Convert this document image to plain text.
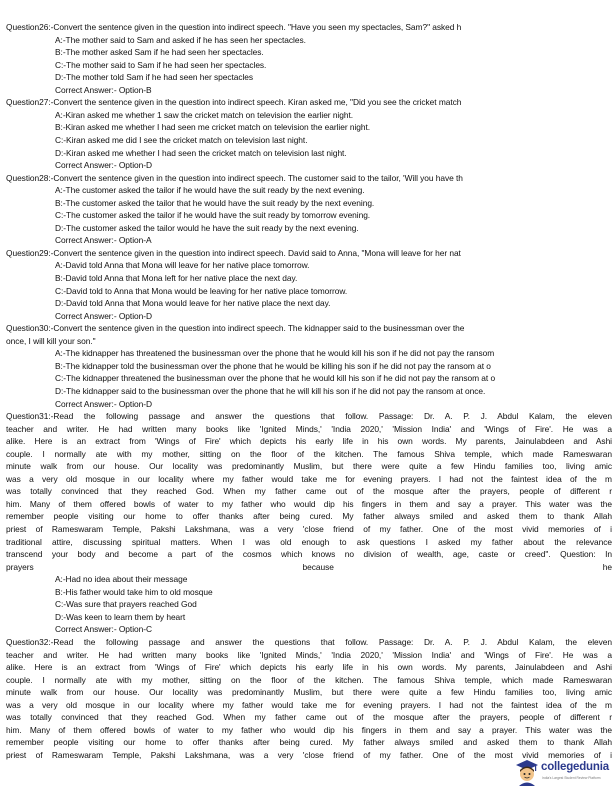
Question26:-Convert the sentence given in the question into indirect speech. "Have you seen my spectacles, Sam?" asked h
A:-The mother said to Sam and asked if he has seen her spectacles.
B:-The mother asked Sam if he had seen her spectacles.
C:-The mother said to Sam if he had seen her spectacles.
D:-The mother told Sam if he had seen her spectacles
Correct Answer:- Option-B
Question27:-Convert the sentence given in the question into indirect speech. Kiran asked me, "Did you see the cricket match
A:-Kiran asked me whether 1 saw the cricket match on television the earlier night.
B:-Kiran asked me whether I had seen me cricket match on television the earlier night.
C:-Kiran asked me did I see the cricket match on television last night.
D:-Kiran asked me whether I had seen the cricket match on television last night.
Correct Answer:- Option-D
Question28:-Convert the sentence given in the question into indirect speech. The customer said to the tailor, 'Will you have th
A:-The customer asked the tailor if he would have the suit ready by the next evening.
B:-The customer asked the tailor that he would have the suit ready by the next evening.
C:-The customer asked the tailor if he would have the suit ready by tomorrow evening.
D:-The customer asked the tailor would he have the suit ready by the next evening.
Correct Answer:- Option-A
Question29:-Convert the sentence given in the question into indirect speech. David said to Anna, "Mona will leave for her nat
A:-David told Anna that Mona will leave for her native place tomorrow.
B:-David told Anna that Mona left for her native place the next day.
C:-David told to Anna that Mona would be leaving for her native place tomorrow.
D:-David told Anna that Mona would leave for her native place the next day.
Correct Answer:- Option-D
Question30:-Convert the sentence given in the question into indirect speech. The kidnapper said to the businessman over the
once, I will kill your son."
A:-The kidnapper has threatened the businessman over the phone that he would kill his son if he did not pay the ransom
B:-The kidnapper told the businessman over the phone that he would be killing his son if he did not pay the ransom at o
C:-The kidnapper threatened the businessman over the phone that he would kill his son if he did not pay the ransom at o
D:-The kidnapper said to the businessman over the phone that he will kill his son if he did not pay the ransom at once.
Correct Answer:- Option-D
Question31:-Read the following passage and answer the questions that follow. Passage: Dr. A. P. J. Abdul Kalam, the eleven
teacher and writer. He had written many books like 'Ignited Minds,' 'India 2020,' 'Mission India' and 'Wings of Fire'. He was a
alike. Here is an extract from 'Wings of Fire' which depicts his early life in his own words. My parents, Jainulabdeen and Ashi
couple. I normally ate with my mother, sitting on the floor of the kitchen. The famous Shiva temple, which made Rameswaran
minute walk from our house. Our locality was predominantly Muslim, but there were quite a few Hindu families too, living amic
was a very old mosque in our locality where my father would take me for evening prayers. I had not the faintest idea of the m
was totally convinced that they reached God. When my father came out of the mosque after the prayers, people of different r
him. Many of them offered bowls of water to my father who would dip his fingers in them and say a prayer. This water was the
remember people visiting our home to offer thanks after being cured. My father always smiled and asked them to thank Allah
priest of Rameswaram Temple, Pakshi Lakshmana, was a very 'close friend of my father. One of the most vivid memories of i
traditional attire, discussing spiritual matters. When I was old enough to ask questions I asked my father about the relevance
transcend your body and become a part of the cosmos which knows no division of wealth, age, caste or creed". Question: In
prayers because he
A:-Had no idea about their message
B:-His father would take him to old mosque
C:-Was sure that prayers reached God
D:-Was keen to learn them by heart
Correct Answer:- Option-C
Question32:-Read the following passage and answer the questions that follow. Passage: Dr. A. P. J. Abdul Kalam, the eleven
teacher and writer. He had written many books like 'Ignited Minds,' 'India 2020,' 'Mission India' and 'Wings of Fire'. He was a
alike. Here is an extract from 'Wings of Fire' which depicts his early life in his own words. My parents, Jainulabdeen and Ashi
couple. I normally ate with my mother, sitting on the floor of the kitchen. The famous Shiva temple, which made Rameswaran
minute walk from our house. Our locality was predominantly Muslim, but there were quite a few Hindu families too, living amic
was a very old mosque in our locality where my father would take me for evening prayers. I had not the faintest idea of the m
was totally convinced that they reached God. When my father came out of the mosque after the prayers, people of different r
him. Many of them offered bowls of water to my father who would dip his fingers in them and say a prayer. This water was the
remember people visiting our home to offer thanks after being cured. My father always smiled and asked them to thank Allah
priest of Rameswaram Temple, Pakshi Lakshmana, was a very 'close friend of my father. One of the most vivid memories of i
collegedunia
India's Largest Student Review Platform
